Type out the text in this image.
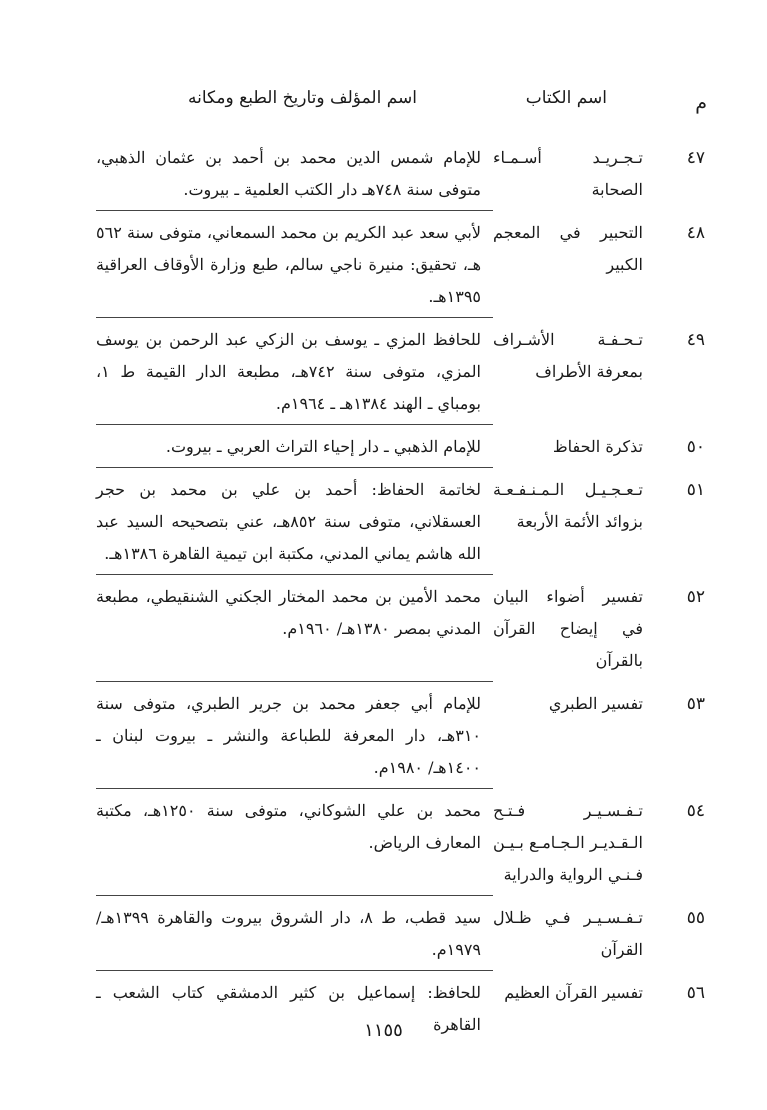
م
اسم الكتاب
اسم المؤلف وتاريخ الطبع ومكانه
٤٧
تـجـريـد أسـمـاء الصحابة
للإمام شمس الدين محمد بن أحمد بن عثمان الذهبي، متوفى سنة ٧٤٨هـ دار الكتب العلمية ـ بيروت.
٤٨
التحبير في المعجم الكبير
لأبي سعد عبد الكريم بن محمد السمعاني، متوفى سنة ٥٦٢ هـ، تحقيق: منيرة ناجي سالم، طبع وزارة الأوقاف العراقية ١٣٩٥هـ.
٤٩
تـحـفـة الأشـراف بمعرفة الأطراف
للحافظ المزي ـ يوسف بن الزكي عبد الرحمن بن يوسف المزي، متوفى سنة ٧٤٢هـ، مطبعة الدار القيمة ط ١، بومباي ـ الهند ١٣٨٤هـ ـ ١٩٦٤م.
٥٠
تذكرة الحفاظ
للإمام الذهبي ـ دار إحياء التراث العربي ـ بيروت.
٥١
تـعـجـيـل الـمـنـفـعـة بزوائد الأئمة الأربعة
لخاتمة الحفاظ: أحمد بن علي بن محمد بن حجر العسقلاني، متوفى سنة ٨٥٢هـ، عني بتصحيحه السيد عبد الله هاشم يماني المدني، مكتبة ابن تيمية القاهرة ١٣٨٦هـ.
٥٢
تفسير أضواء البيان في إيضاح القرآن بالقرآن
محمد الأمين بن محمد المختار الجكني الشنقيطي، مطبعة المدني بمصر ١٣٨٠هـ/ ١٩٦٠م.
٥٣
تفسير الطبري
للإمام أبي جعفر محمد بن جرير الطبري، متوفى سنة ٣١٠هـ، دار المعرفة للطباعة والنشر ـ بيروت لبنان ـ ١٤٠٠هـ/ ١٩٨٠م.
٥٤
تـفـسـيـر فـتـح الـقـديـر الـجـامـع بـيـن فـنـي الرواية والدراية
محمد بن علي الشوكاني، متوفى سنة ١٢٥٠هـ، مكتبة المعارف الرياض.
٥٥
تـفـسـيـر فـي ظـلال القرآن
سيد قطب، ط ٨، دار الشروق بيروت والقاهرة ١٣٩٩هـ/ ١٩٧٩م.
٥٦
تفسير القرآن العظيم
للحافظ: إسماعيل بن كثير الدمشقي كتاب الشعب ـ القاهرة
١١٥٥
